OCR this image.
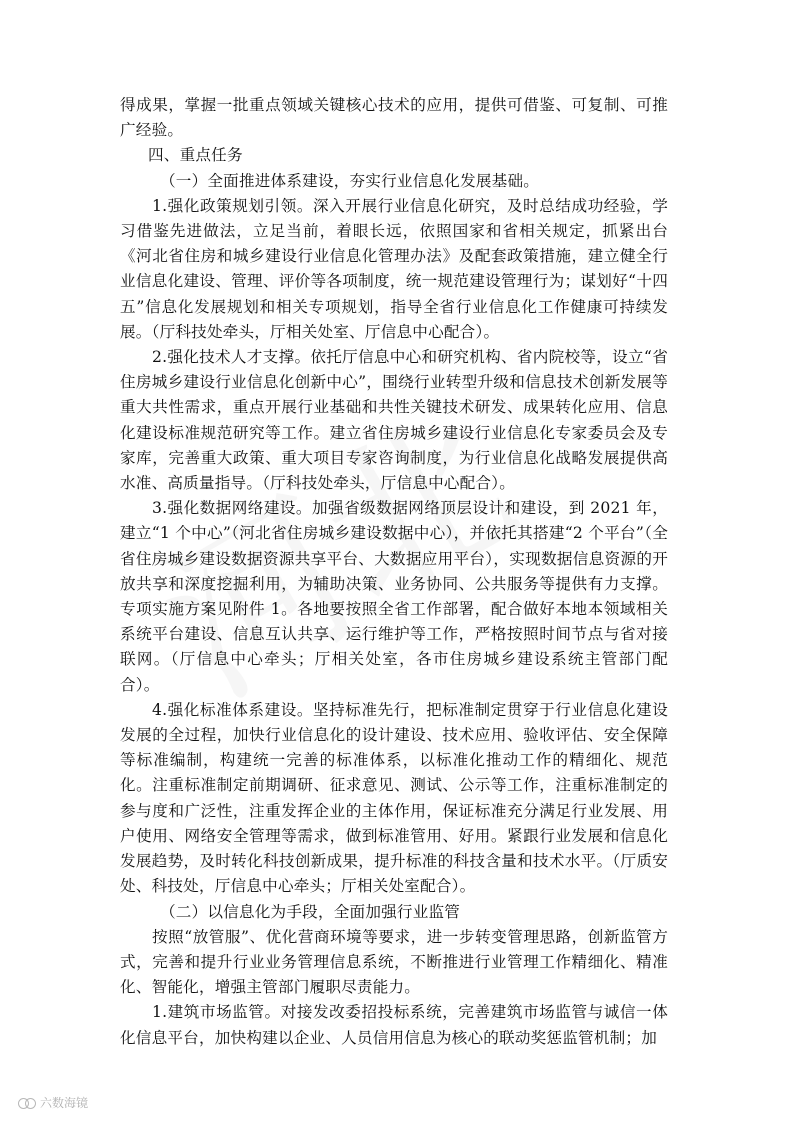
得成果，掌握一批重点领域关键核心技术的应用，提供可借鉴、可复制、可推广经验。

四、重点任务

（一）全面推进体系建设，夯实行业信息化发展基础。

1.强化政策规划引领。深入开展行业信息化研究，及时总结成功经验，学习借鉴先进做法，立足当前，着眼长远，依照国家和省相关规定，抓紧出台《河北省住房和城乡建设行业信息化管理办法》及配套政策措施，建立健全行业信息化建设、管理、评价等各项制度，统一规范建设管理行为；谋划好“十四五”信息化发展规划和相关专项规划，指导全省行业信息化工作健康可持续发展。（厅科技处牵头，厅相关处室、厅信息中心配合）。

2.强化技术人才支撑。依托厅信息中心和研究机构、省内院校等，设立“省住房城乡建设行业信息化创新中心”，围绕行业转型升级和信息技术创新发展等重大共性需求，重点开展行业基础和共性关键技术研发、成果转化应用、信息化建设标准规范研究等工作。建立省住房城乡建设行业信息化专家委员会及专家库，完善重大政策、重大项目专家咨询制度，为行业信息化战略发展提供高水准、高质量指导。（厅科技处牵头，厅信息中心配合）。

3.强化数据网络建设。加强省级数据网络顶层设计和建设，到 2021 年，建立“1 个中心”（河北省住房城乡建设数据中心），并依托其搭建“2 个平台”（全省住房城乡建设数据资源共享平台、大数据应用平台），实现数据信息资源的开放共享和深度挖掘利用，为辅助决策、业务协同、公共服务等提供有力支撑。专项实施方案见附件 1。各地要按照全省工作部署，配合做好本地本领域相关系统平台建设、信息互认共享、运行维护等工作，严格按照时间节点与省对接联网。（厅信息中心牵头；厅相关处室，各市住房城乡建设系统主管部门配合）。

4.强化标准体系建设。坚持标准先行，把标准制定贯穿于行业信息化建设发展的全过程，加快行业信息化的设计建设、技术应用、验收评估、安全保障等标准编制，构建统一完善的标准体系，以标准化推动工作的精细化、规范化。注重标准制定前期调研、征求意见、测试、公示等工作，注重标准制定的参与度和广泛性，注重发挥企业的主体作用，保证标准充分满足行业发展、用户使用、网络安全管理等需求，做到标准管用、好用。紧跟行业发展和信息化发展趋势，及时转化科技创新成果，提升标准的科技含量和技术水平。（厅质安处、科技处，厅信息中心牵头；厅相关处室配合）。

（二）以信息化为手段，全面加强行业监管

按照“放管服”、优化营商环境等要求，进一步转变管理思路，创新监管方式，完善和提升行业业务管理信息系统，不断推进行业管理工作精细化、精准化、智能化，增强主管部门履职尽责能力。

1.建筑市场监管。对接发改委招投标系统，完善建筑市场监管与诚信一体化信息平台，加快构建以企业、人员信用信息为核心的联动奖惩监管机制；加

六数海镜
